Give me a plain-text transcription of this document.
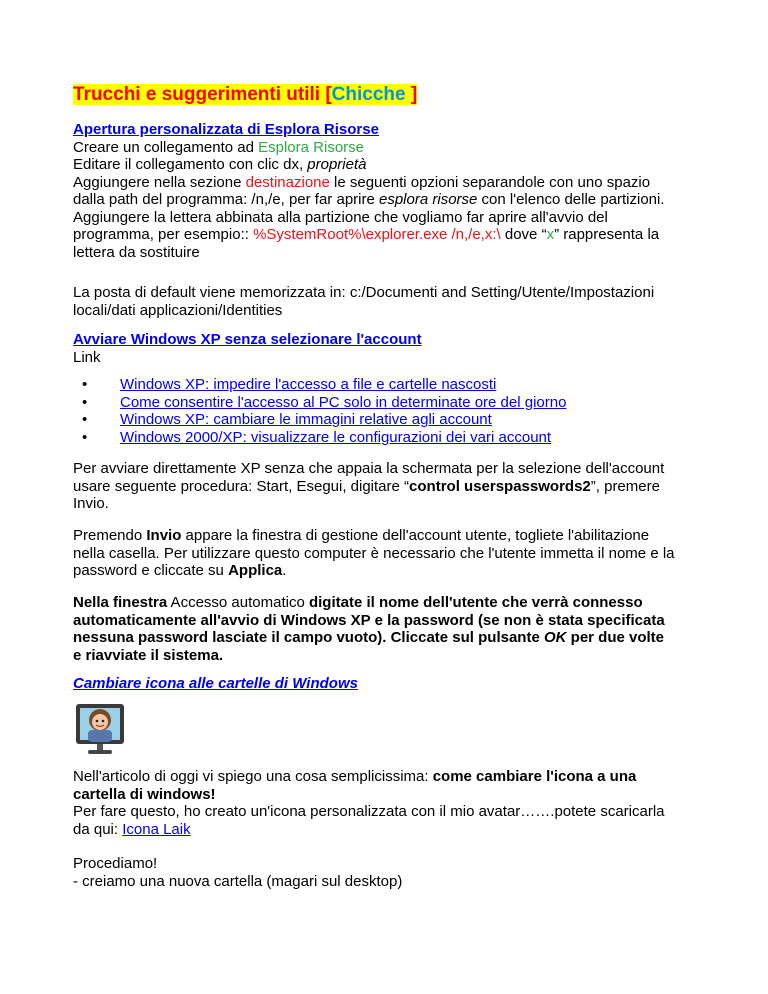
Trucchi e suggerimenti utili [Chicche ]
Apertura personalizzata di Esplora Risorse
Creare un collegamento ad Esplora Risorse
Editare il collegamento con clic dx, proprietà
Aggiungere nella sezione destinazione le seguenti opzioni separandole con uno spazio
dalla path del programma: /n,/e, per far aprire esplora risorse con l'elenco delle partizioni.
Aggiungere la lettera abbinata alla partizione che vogliamo far aprire all'avvio del
programma, per esempio:: %SystemRoot%\explorer.exe /n,/e,x:\ dove “x” rappresenta la
lettera da sostituire
La posta di default viene memorizzata in: c:/Documenti and Setting/Utente/Impostazioni
locali/dati applicazioni/Identities
Avviare Windows XP senza selezionare l'account
Link
• Windows XP: impedire l'accesso a file e cartelle nascosti
• Come consentire l'accesso al PC solo in determinate ore del giorno
• Windows XP: cambiare le immagini relative agli account
• Windows 2000/XP: visualizzare le configurazioni dei vari account
Per avviare direttamente XP senza che appaia la schermata per la selezione dell'account
usare seguente procedura: Start, Esegui, digitare “control userspasswords2”, premere
Invio.
Premendo Invio appare la finestra di gestione dell'account utente, togliete l'abilitazione
nella casella. Per utilizzare questo computer è necessario che l'utente immetta il nome e la
password e cliccate su Applica.
Nella finestra Accesso automatico digitate il nome dell'utente che verrà connesso
automaticamente all'avvio di Windows XP e la password (se non è stata specificata
nessuna password lasciate il campo vuoto). Cliccate sul pulsante OK per due volte
e riavviate il sistema.
Cambiare icona alle cartelle di Windows
Nell'articolo di oggi vi spiego una cosa semplicissima: come cambiare l'icona a una
cartella di windows!
Per fare questo, ho creato un'icona personalizzata con il mio avatar…….potete scaricarla
da qui: Icona Laik
Procediamo!
- creiamo una nuova cartella (magari sul desktop)
